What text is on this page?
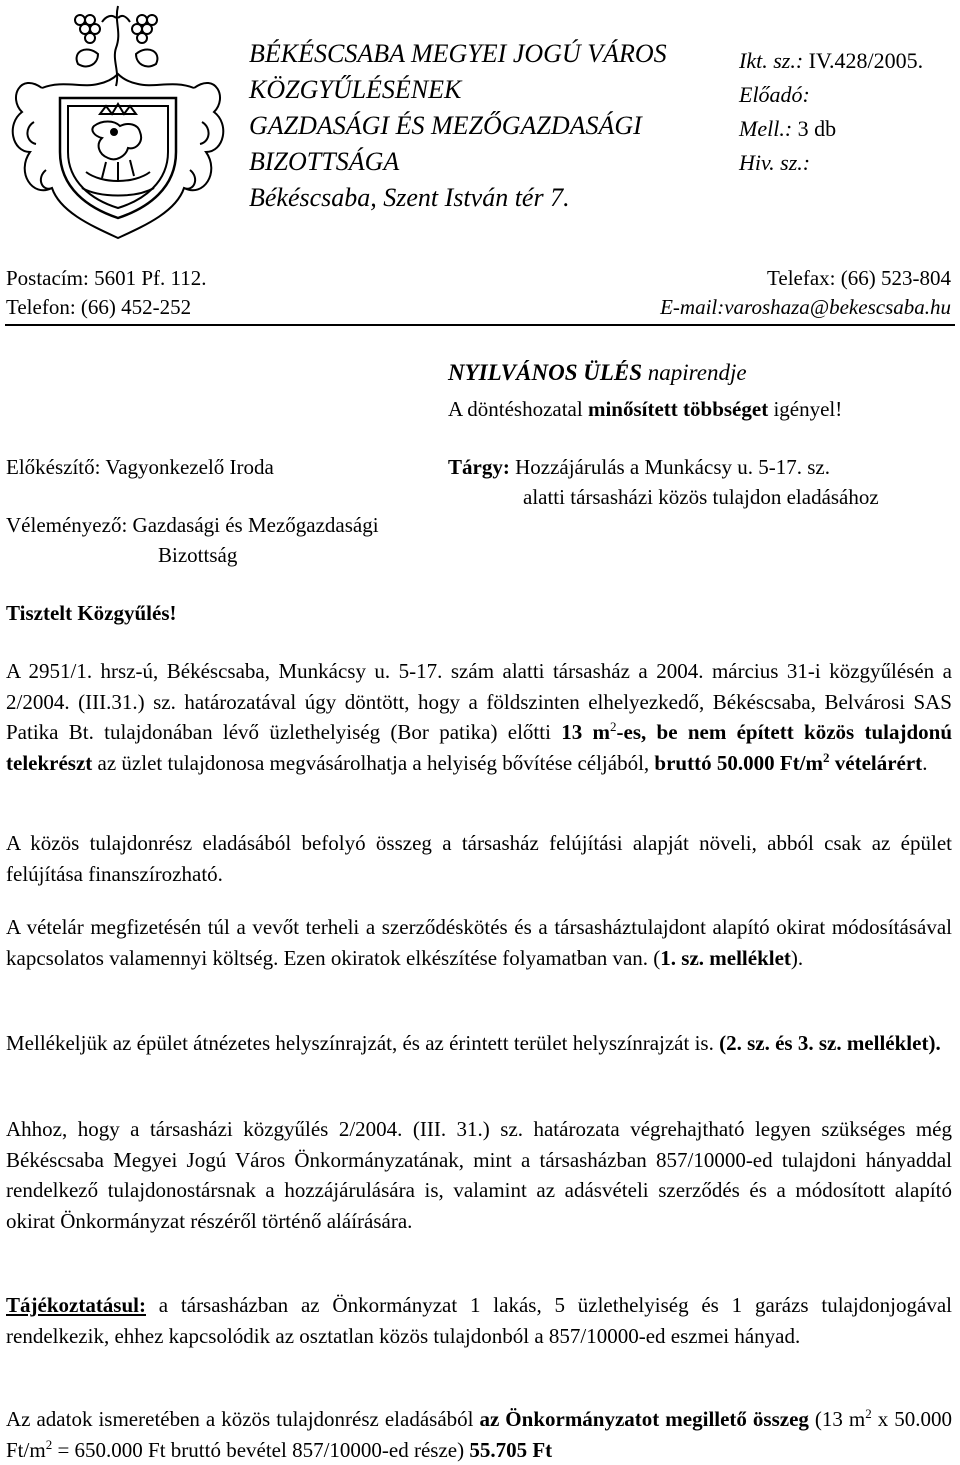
BÉKÉSCSABA MEGYEI JOGÚ VÁROS
KÖZGYŰLÉSÉNEK
GAZDASÁGI ÉS MEZŐGAZDASÁGI
BIZOTTSÁGA
Békéscsaba, Szent István tér 7.
Ikt. sz.: IV.428/2005.
Előadó:
Mell.: 3 db
Hiv. sz.:
Postacím: 5601 Pf. 112.
Telefon: (66) 452-252
Telefax: (66) 523-804
E-mail:varoshaza@bekescsaba.hu
NYILVÁNOS ÜLÉS napirendje
A döntéshozatal minősített többséget igényel!
Előkészítő: Vagyonkezelő Iroda
Véleményező: Gazdasági és Mezőgazdasági
Bizottság
Tárgy: Hozzájárulás a Munkácsy u. 5-17. sz.
alatti társasházi közös tulajdon eladásához
Tisztelt Közgyűlés!
A 2951/1. hrsz-ú, Békéscsaba, Munkácsy u. 5-17. szám alatti társasház a 2004. március 31-i közgyűlésén a 2/2004. (III.31.) sz. határozatával úgy döntött, hogy a földszinten elhelyezkedő, Békéscsaba, Belvárosi SAS Patika Bt. tulajdonában lévő üzlethelyiség (Bor patika) előtti 13 $m^2-es$, be nem épített közös tulajdonú telekrészt az üzlet tulajdonosa megvásárolhatja a helyiség bővítése céljából, bruttó 50.000 $Ft/m^2$ vételárért.
A közös tulajdonrész eladásából befolyó összeg a társasház felújítási alapját növeli, abból csak az épület felújítása finanszírozható.
A vételár megfizetésén túl a vevőt terheli a szerződéskötés és a társasháztulajdont alapító okirat módosításával kapcsolatos valamennyi költség. Ezen okiratok elkészítése folyamatban van. (1. sz. melléklet).
Mellékeljük az épület átnézetes helyszínrajzát, és az érintett terület helyszínrajzát is. (2. sz. és 3. sz. melléklet).
Ahhoz, hogy a társasházi közgyűlés 2/2004. (III. 31.) sz. határozata végrehajtható legyen szükséges még Békéscsaba Megyei Jogú Város Önkormányzatának, mint a társasházban 857/10000-ed tulajdoni hányaddal rendelkező tulajdonostársnak a hozzájárulására is, valamint az adásvételi szerződés és a módosított alapító okirat Önkormányzat részéről történő aláírására.
Tájékoztatásul: a társasházban az Önkormányzat 1 lakás, 5 üzlethelyiség és 1 garázs tulajdonjogával rendelkezik, ehhez kapcsolódik az osztatlan közös tulajdonból a 857/10000-ed eszmei hányad.
Az adatok ismeretében a közös tulajdonrész eladásából az Önkormányzatot megillető összeg (13 $m^2$ x 50.000 $Ft/m^2 = 650.000$ Ft bruttó bevétel 857/10000-ed része) 55.705 Ft
